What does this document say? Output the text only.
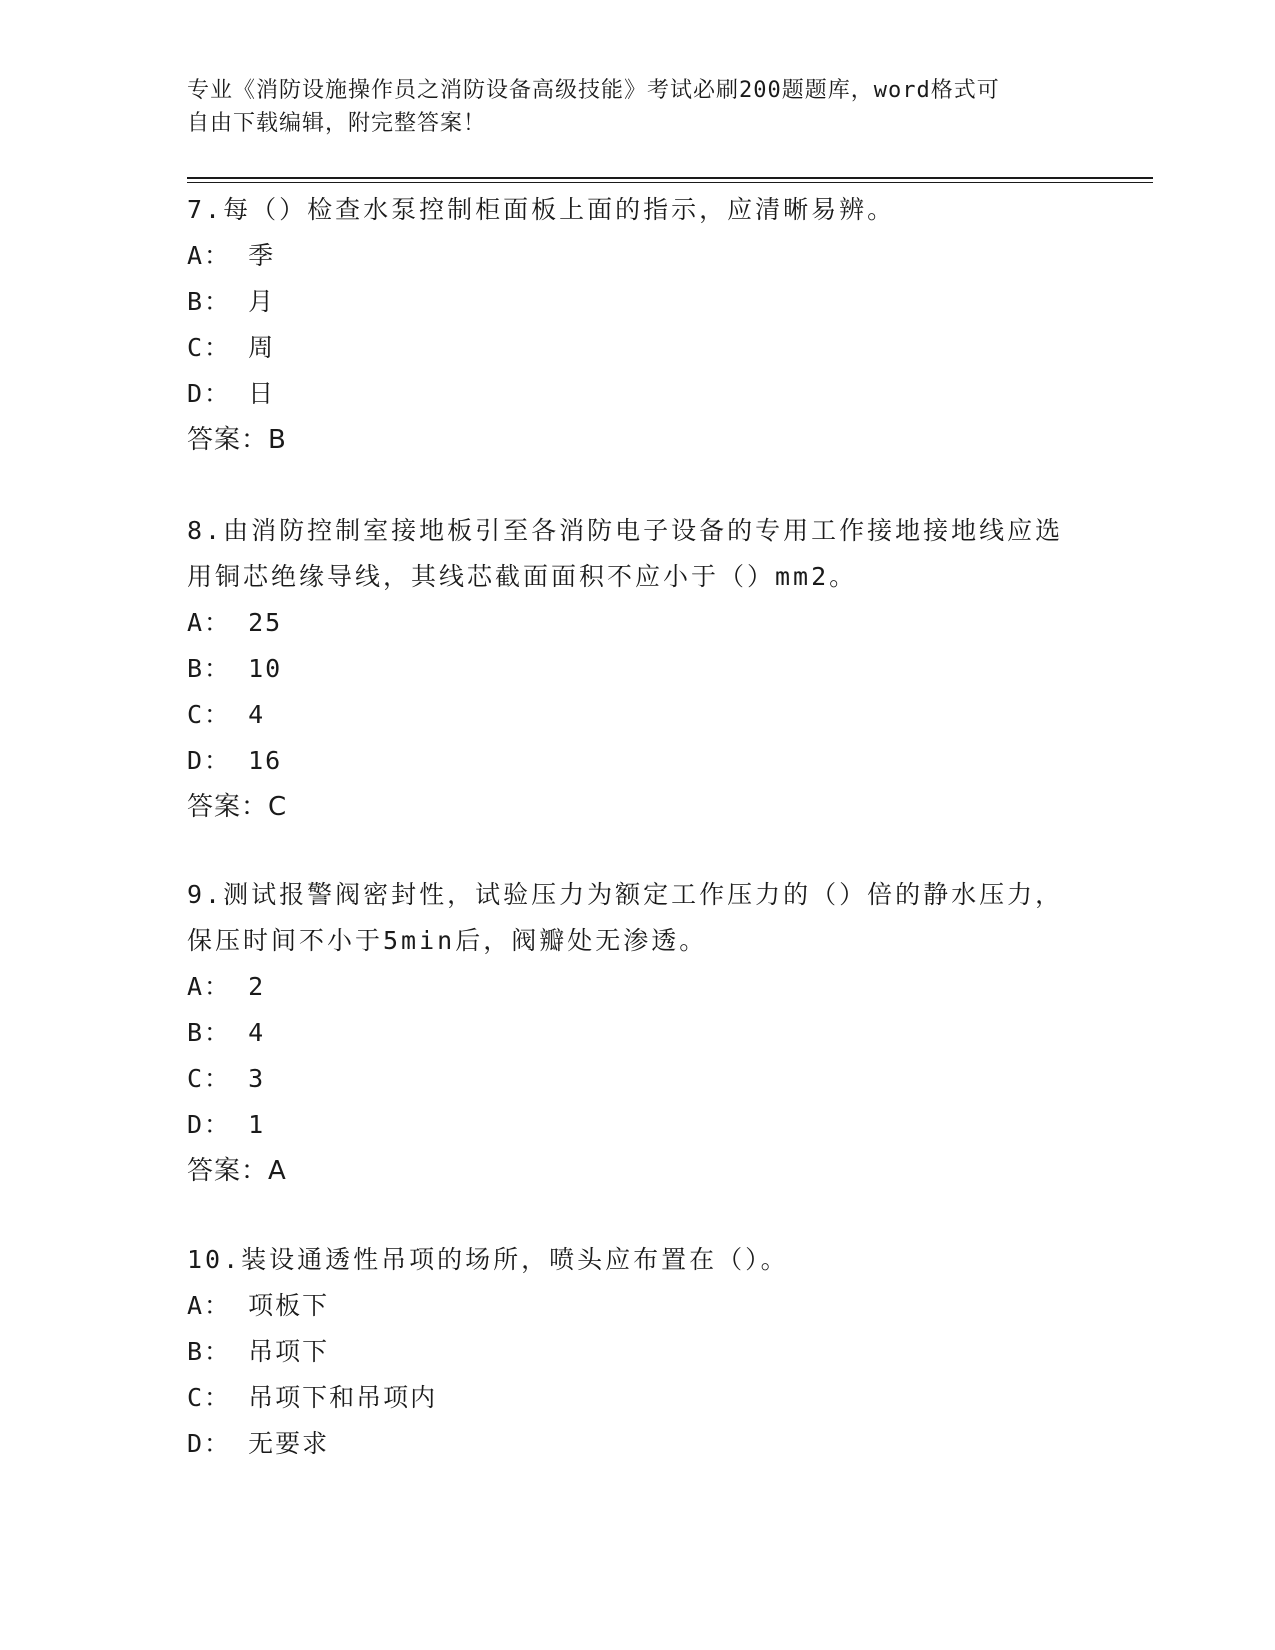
专业《消防设施操作员之消防设备高级技能》考试必刷200题题库，word格式可
自由下载编辑，附完整答案！
7.每（）检查水泵控制柜面板上面的指示，应清晰易辨。
A： 季
B： 月
C： 周
D： 日
答案：B
8.由消防控制室接地板引至各消防电子设备的专用工作接地接地线应选用铜芯绝缘导线，其线芯截面面积不应小于（）mm2。
A： 25
B： 10
C： 4
D： 16
答案：C
9.测试报警阀密封性，试验压力为额定工作压力的（）倍的静水压力，保压时间不小于5min后，阀瓣处无渗透。
A： 2
B： 4
C： 3
D： 1
答案：A
10.装设通透性吊项的场所，喷头应布置在（）。
A： 项板下
B： 吊项下
C： 吊项下和吊项内
D： 无要求
